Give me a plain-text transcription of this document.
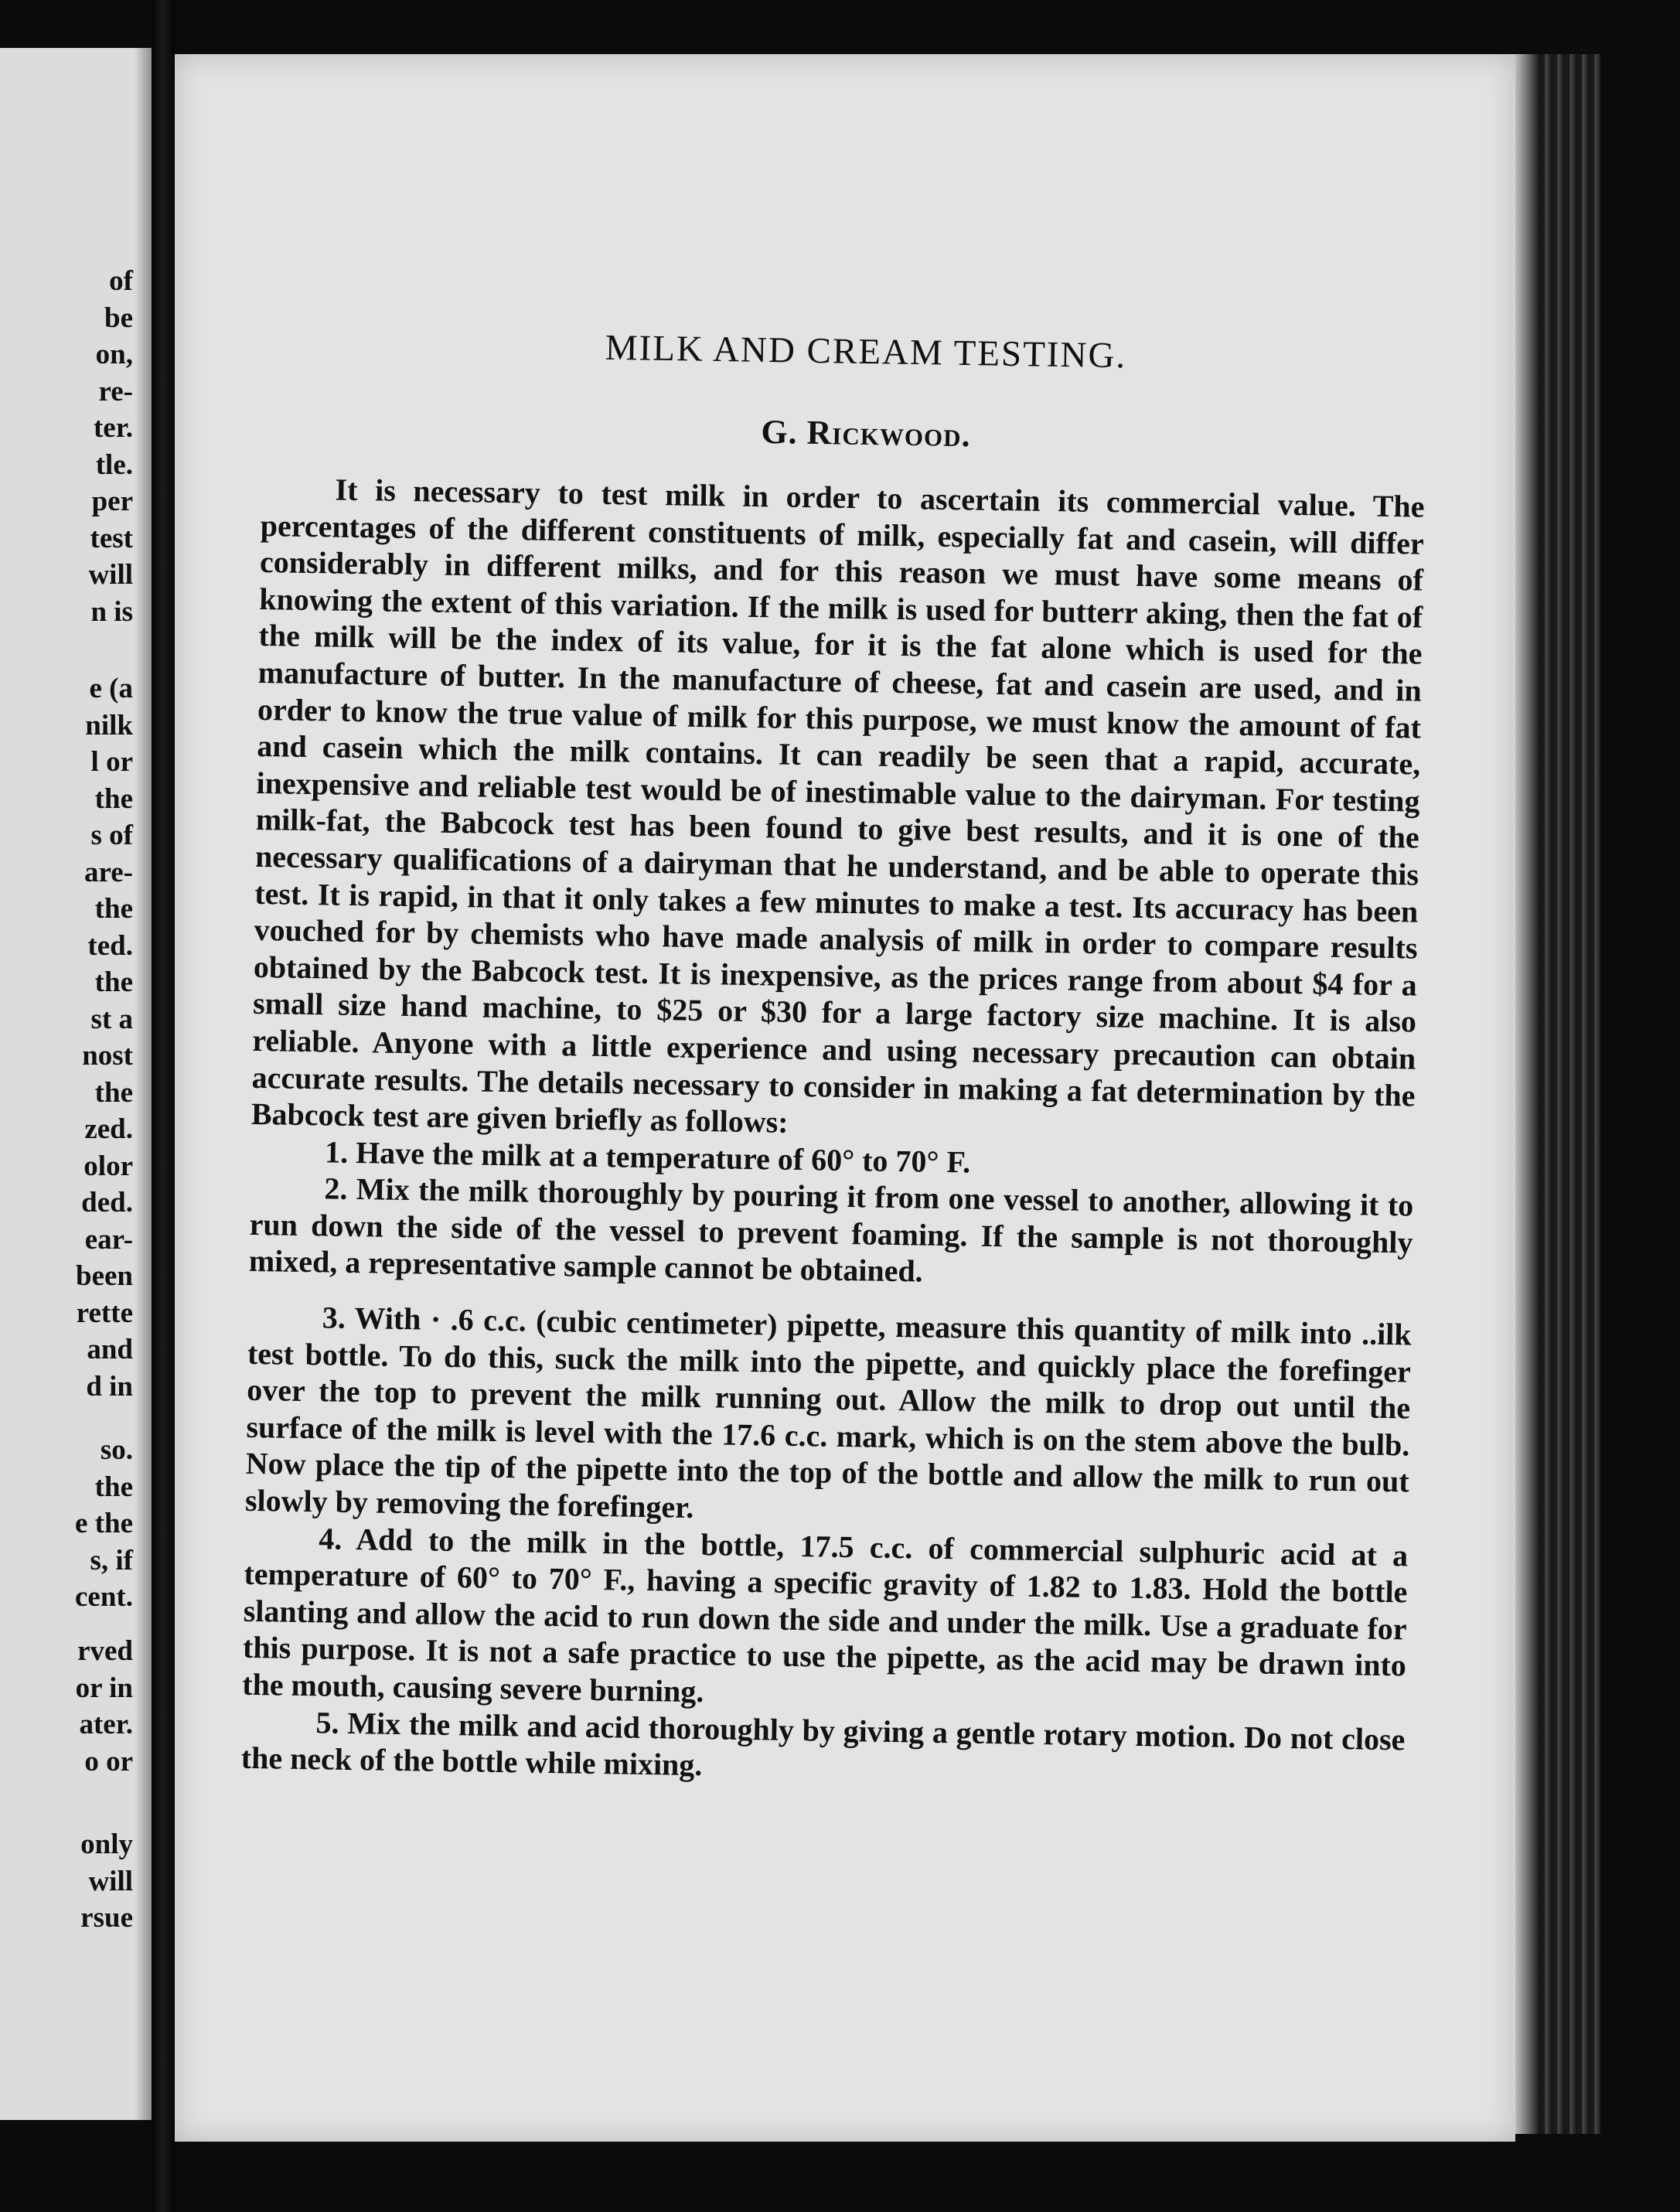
of
be
on,
re-
ter.
tle.
per
test
will
n is
e (a
nilk
l or
the
s of
are-
the
ted.
the
st a
nost
the
zed.
olor
ded.
ear-
been
rette
and
d in
so.
the
e the
s, if
cent.
rved
or in
ater.
o or
only
will
rsue
MILK AND CREAM TESTING.
G. Rickwood.

It is necessary to test milk in order to ascertain its commercial value. The percentages of the different constituents of milk, especially fat and casein, will differ considerably in different milks, and for this reason we must have some means of knowing the extent of this variation. If the milk is used for butterr aking, then the fat of the milk will be the index of its value, for it is the fat alone which is used for the manufacture of butter. In the manufacture of cheese, fat and casein are used, and in order to know the true value of milk for this purpose, we must know the amount of fat and casein which the milk contains. It can readily be seen that a rapid, accurate, inexpensive and reliable test would be of inestimable value to the dairyman. For testing milk-fat, the Babcock test has been found to give best results, and it is one of the necessary qualifications of a dairyman that he understand, and be able to operate this test. It is rapid, in that it only takes a few minutes to make a test. Its accuracy has been vouched for by chemists who have made analysis of milk in order to compare results obtained by the Babcock test. It is inexpensive, as the prices range from about $4 for a small size hand machine, to $25 or $30 for a large factory size machine. It is also reliable. Anyone with a little experience and using necessary precaution can obtain accurate results. The details necessary to consider in making a fat determination by the Babcock test are given briefly as follows:

1. Have the milk at a temperature of 60° to 70° F.

2. Mix the milk thoroughly by pouring it from one vessel to another, allowing it to run down the side of the vessel to prevent foaming. If the sample is not thoroughly mixed, a representative sample cannot be obtained.

3. With · .6 c.c. (cubic centimeter) pipette, measure this quantity of milk into ..ilk test bottle. To do this, suck the milk into the pipette, and quickly place the forefinger over the top to prevent the milk running out. Allow the milk to drop out until the surface of the milk is level with the 17.6 c.c. mark, which is on the stem above the bulb. Now place the tip of the pipette into the top of the bottle and allow the milk to run out slowly by removing the forefinger.

4. Add to the milk in the bottle, 17.5 c.c. of commercial sulphuric acid at a temperature of 60° to 70° F., having a specific gravity of 1.82 to 1.83. Hold the bottle slanting and allow the acid to run down the side and under the milk. Use a graduate for this purpose. It is not a safe practice to use the pipette, as the acid may be drawn into the mouth, causing severe burning.

5. Mix the milk and acid thoroughly by giving a gentle rotary motion. Do not close the neck of the bottle while mixing.
